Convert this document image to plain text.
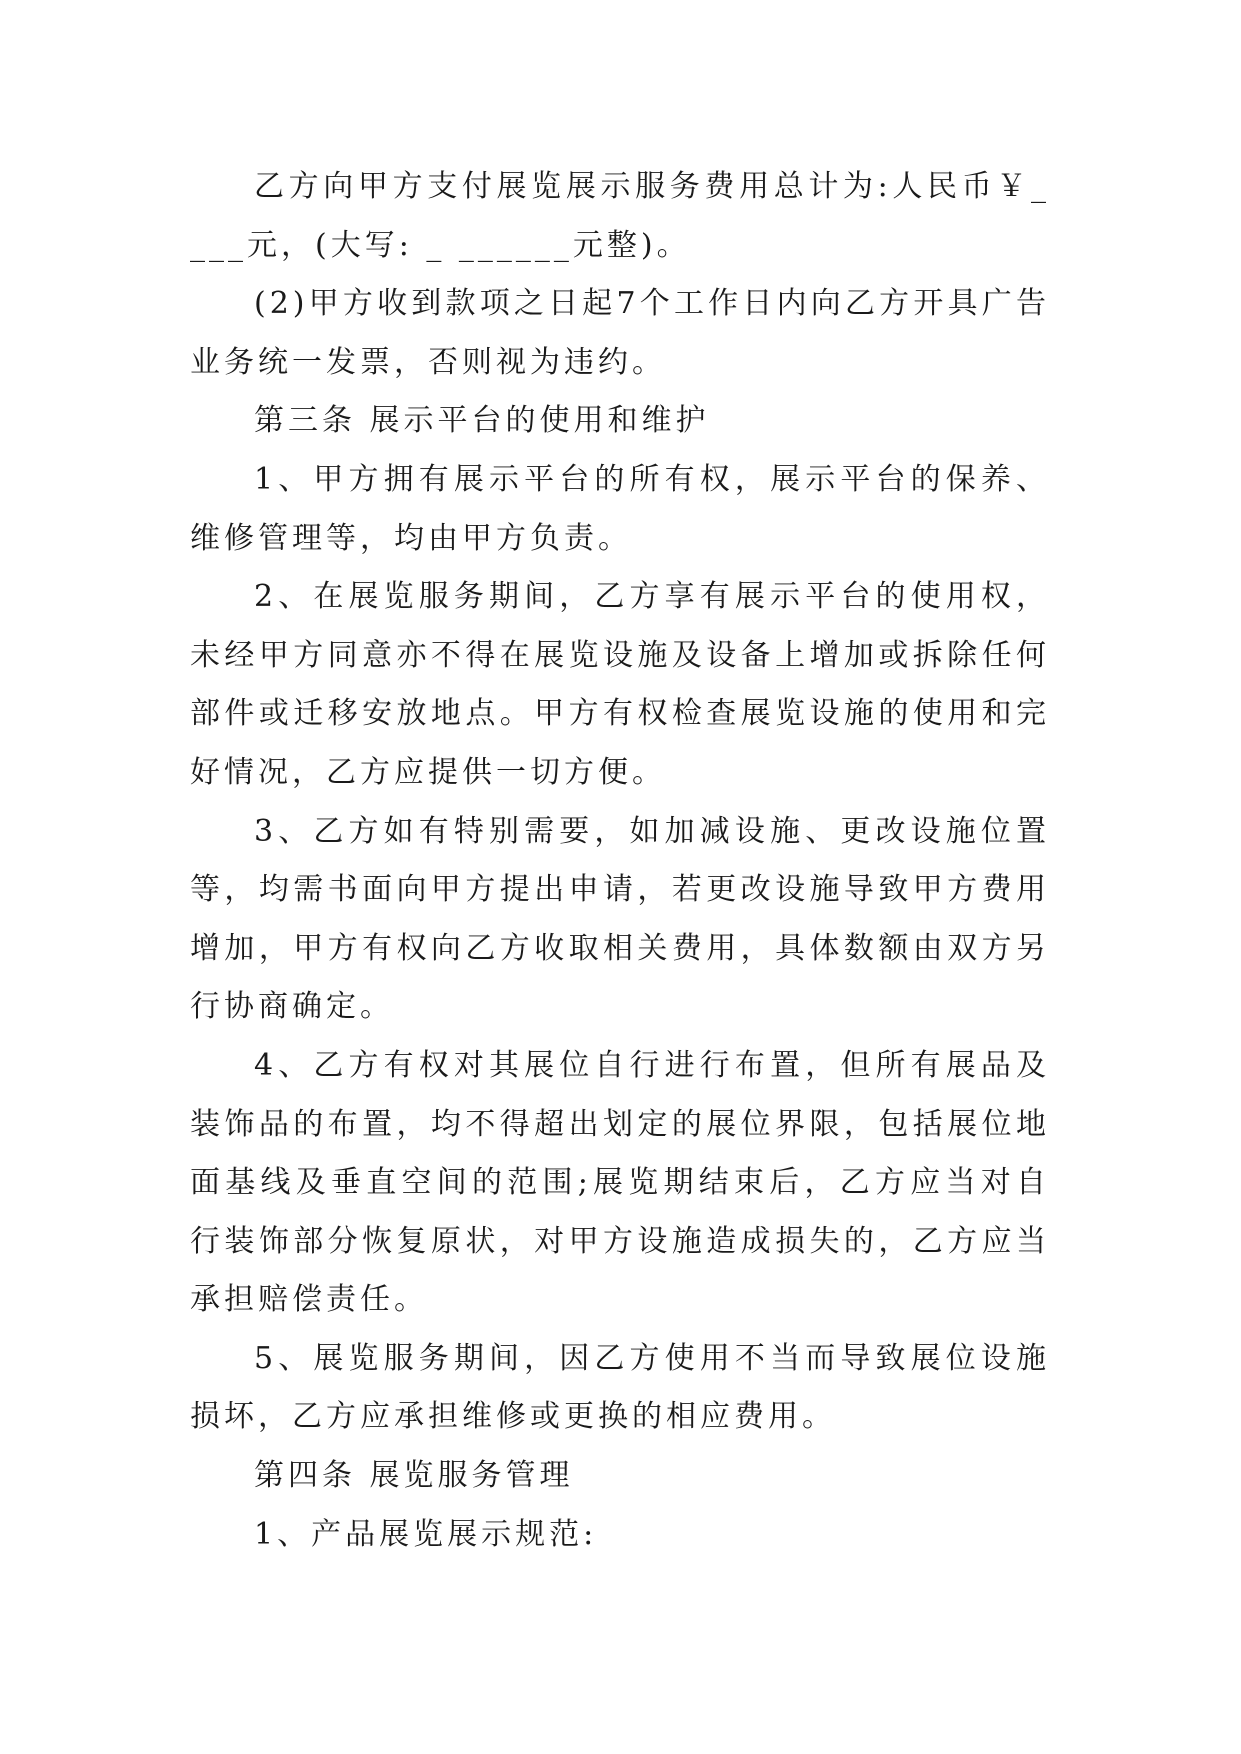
乙方向甲方支付展览展示服务费用总计为:人民币￥____元，(大写: _ ______元整)。

(2)甲方收到款项之日起7个工作日内向乙方开具广告业务统一发票，否则视为违约。

第三条 展示平台的使用和维护

1、甲方拥有展示平台的所有权，展示平台的保养、维修管理等，均由甲方负责。

2、在展览服务期间，乙方享有展示平台的使用权，未经甲方同意亦不得在展览设施及设备上增加或拆除任何部件或迁移安放地点。甲方有权检查展览设施的使用和完好情况，乙方应提供一切方便。

3、乙方如有特别需要，如加减设施、更改设施位置等，均需书面向甲方提出申请，若更改设施导致甲方费用增加，甲方有权向乙方收取相关费用，具体数额由双方另行协商确定。

4、乙方有权对其展位自行进行布置，但所有展品及装饰品的布置，均不得超出划定的展位界限，包括展位地面基线及垂直空间的范围;展览期结束后，乙方应当对自行装饰部分恢复原状，对甲方设施造成损失的，乙方应当承担赔偿责任。

5、展览服务期间，因乙方使用不当而导致展位设施损坏，乙方应承担维修或更换的相应费用。

第四条 展览服务管理

1、产品展览展示规范:
